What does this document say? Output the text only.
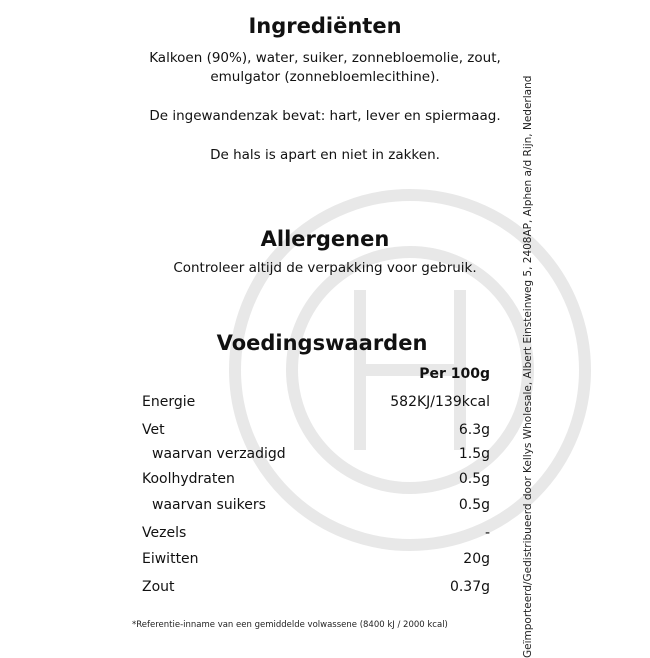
Ingrediënten
Kalkoen (90%), water, suiker, zonnebloemolie, zout,
emulgator (zonnebloemlecithine).
De ingewandenzak bevat: hart, lever en spiermaag.
De hals is apart en niet in zakken.
Allergenen
Controleer altijd de verpakking voor gebruik.
Voedingswaarden
Per 100g
Energie	582KJ/139kcal
Vet	6.3g
waarvan verzadigd	1.5g
Koolhydraten	0.5g
waarvan suikers	0.5g
Vezels	-
Eiwitten	20g
Zout	0.37g
*Referentie-inname van een gemiddelde volwassene (8400 kJ / 2000 kcal)	Geïmporteerd/Gedistribueerd door Kellys Wholesale, Albert Einsteinweg 5, 2408AP, Alphen a/d Rijn, Nederland
